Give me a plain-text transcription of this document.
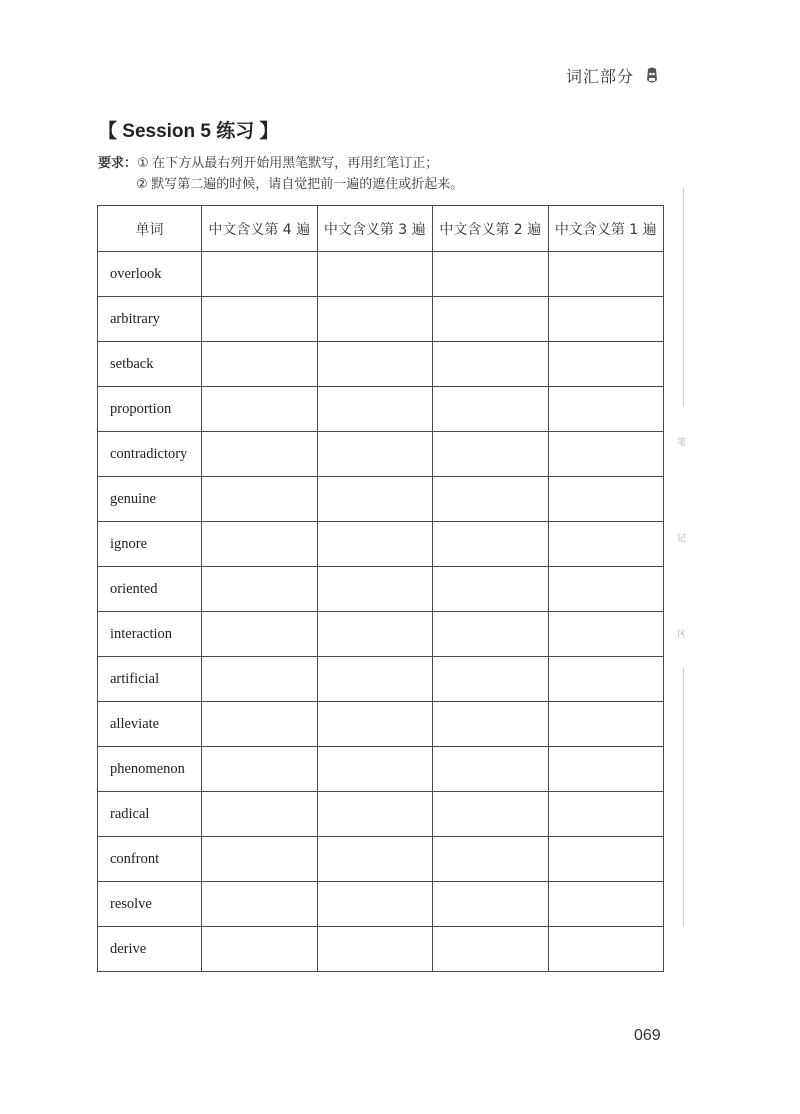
词汇部分
【 Session 5 练习 】
要求：① 在下方从最右列开始用黑笔默写，再用红笔订正；
② 默写第二遍的时候，请自觉把前一遍的遮住或折起来。
单词	中文含义第 4 遍	中文含义第 3 遍	中文含义第 2 遍	中文含义第 1 遍
overlook				
arbitrary				
setback				
proportion				
contradictory				
genuine				
ignore				
oriented				
interaction				
artificial				
alleviate				
phenomenon				
radical				
confront				
resolve				
derive				
笔
记
区
069
